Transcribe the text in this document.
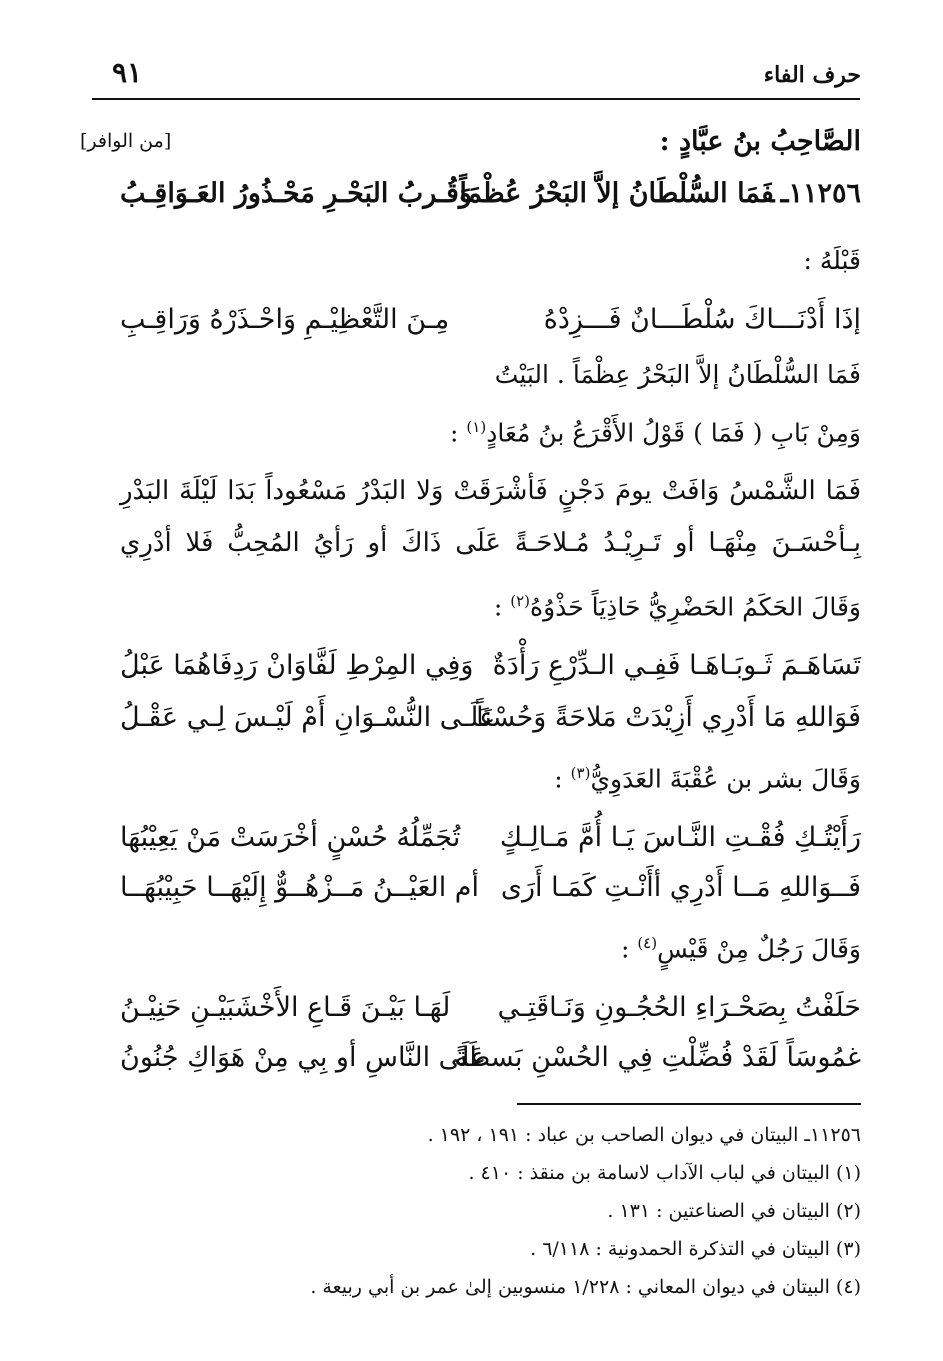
حرف الفاء
٩١
الصَّاحِبُ بنُ عبَّادٍ :
[من الوافر]
١١٢٥٦ـفَمَا السُّلْطَانُ إلاَّ البَحْرُ عُظْمَاً
وَقُـربُ البَحْـرِ مَحْـذُورُ العَـوَاقِـبُ
قَبْلَهُ :
إذَا أَدْنَـــاكَ سُلْطَـــانٌ فَـــزِدْهُ
مِـنَ التَّعْظِيْـمِ وَاحْـذَرْهُ وَرَاقِـبِ
فَمَا السُّلْطَانُ إلاَّ البَحْرُ عِظْمَاً . البَيْتُ
وَمِنْ بَابِ ( فَمَا ) قَوْلُ الأَقْرَعُ بنُ مُعَادٍ$^{(١)}$ :
فَمَا الشَّمْسُ وَافَتْ يومَ دَجْنٍ فَأشْرَقَتْ وَلا البَدْرُ مَسْعُوداً بَدَا لَيْلَةَ البَدْرِ
بِـأحْسَـنَ مِنْهَـا أو تَـرِيْـدُ مُـلاحَـةً عَلَى ذَاكَ أو رَأيُ المُحِبُّ فَلا أدْرِي
وَقَالَ الحَكَمُ الحَضْرِيُّ حَاذِيَاً حَذْوُهُ$^{(٢)}$ :
تَسَاهَـمَ ثَـوبَـاهَـا فَفِـي الـدِّرْعِ رَأْدَةٌ
وَفِي المِرْطِ لَفَّاوَانْ رَدِفَاهُمَا عَبْلُ
فَوَاللهِ مَا أَدْرِي أَزِيْدَتْ مَلاحَةً وَحُسْنَاً
عَلَـى النُّسْـوَانِ أَمْ لَيْـسَ لِـي عَقْـلُ
وَقَالَ بشر بن عُقْبَةَ العَدَوِيُّ$^{(٣)}$ :
رَأَيْتُـكِ فُقْـتِ النَّـاسَ يَـا أُمَّ مَـالِـكٍ
تُجَمِّلُهُ حُسْنٍ أخْرَسَتْ مَنْ يَعِيْبُهَا
فَــوَاللهِ مَــا أَدْرِي أأَنْـتِ كَمَـا أَرَى
أم العَيْــنُ مَــزْهُــوٌّ إِلَيْهَــا حَبِيْبُهَــا
وَقَالَ رَجُلٌ مِنْ قَيْسٍ$^{(٤)}$ :
حَلَفْتُ بِصَحْـرَاءِ الحُجُـونِ وَنَـاقَتِـي
لَهَـا بَيْـنَ قَـاعِ الأَخْشَبَيْـنِ حَنِيْـنُ
غمُوسَاً لَقَدْ فُضِّلْتِ فِي الحُسْنِ بَسطَةً
عَلَى النَّاسِ أو بِي مِنْ هَوَاكِ جُنُونُ
١١٢٥٦ـ البيتان في ديوان الصاحب بن عباد : ١٩١ ، ١٩٢ .
(١) البيتان في لباب الآداب لاسامة بن منقذ : ٤١٠ .
(٢) البيتان في الصناعتين : ١٣١ .
(٣) البيتان في التذكرة الحمدونية : ٦/١١٨ .
(٤) البيتان في ديوان المعاني : ١/٢٢٨ منسوبين إلىٰ عمر بن أبي ربيعة .
